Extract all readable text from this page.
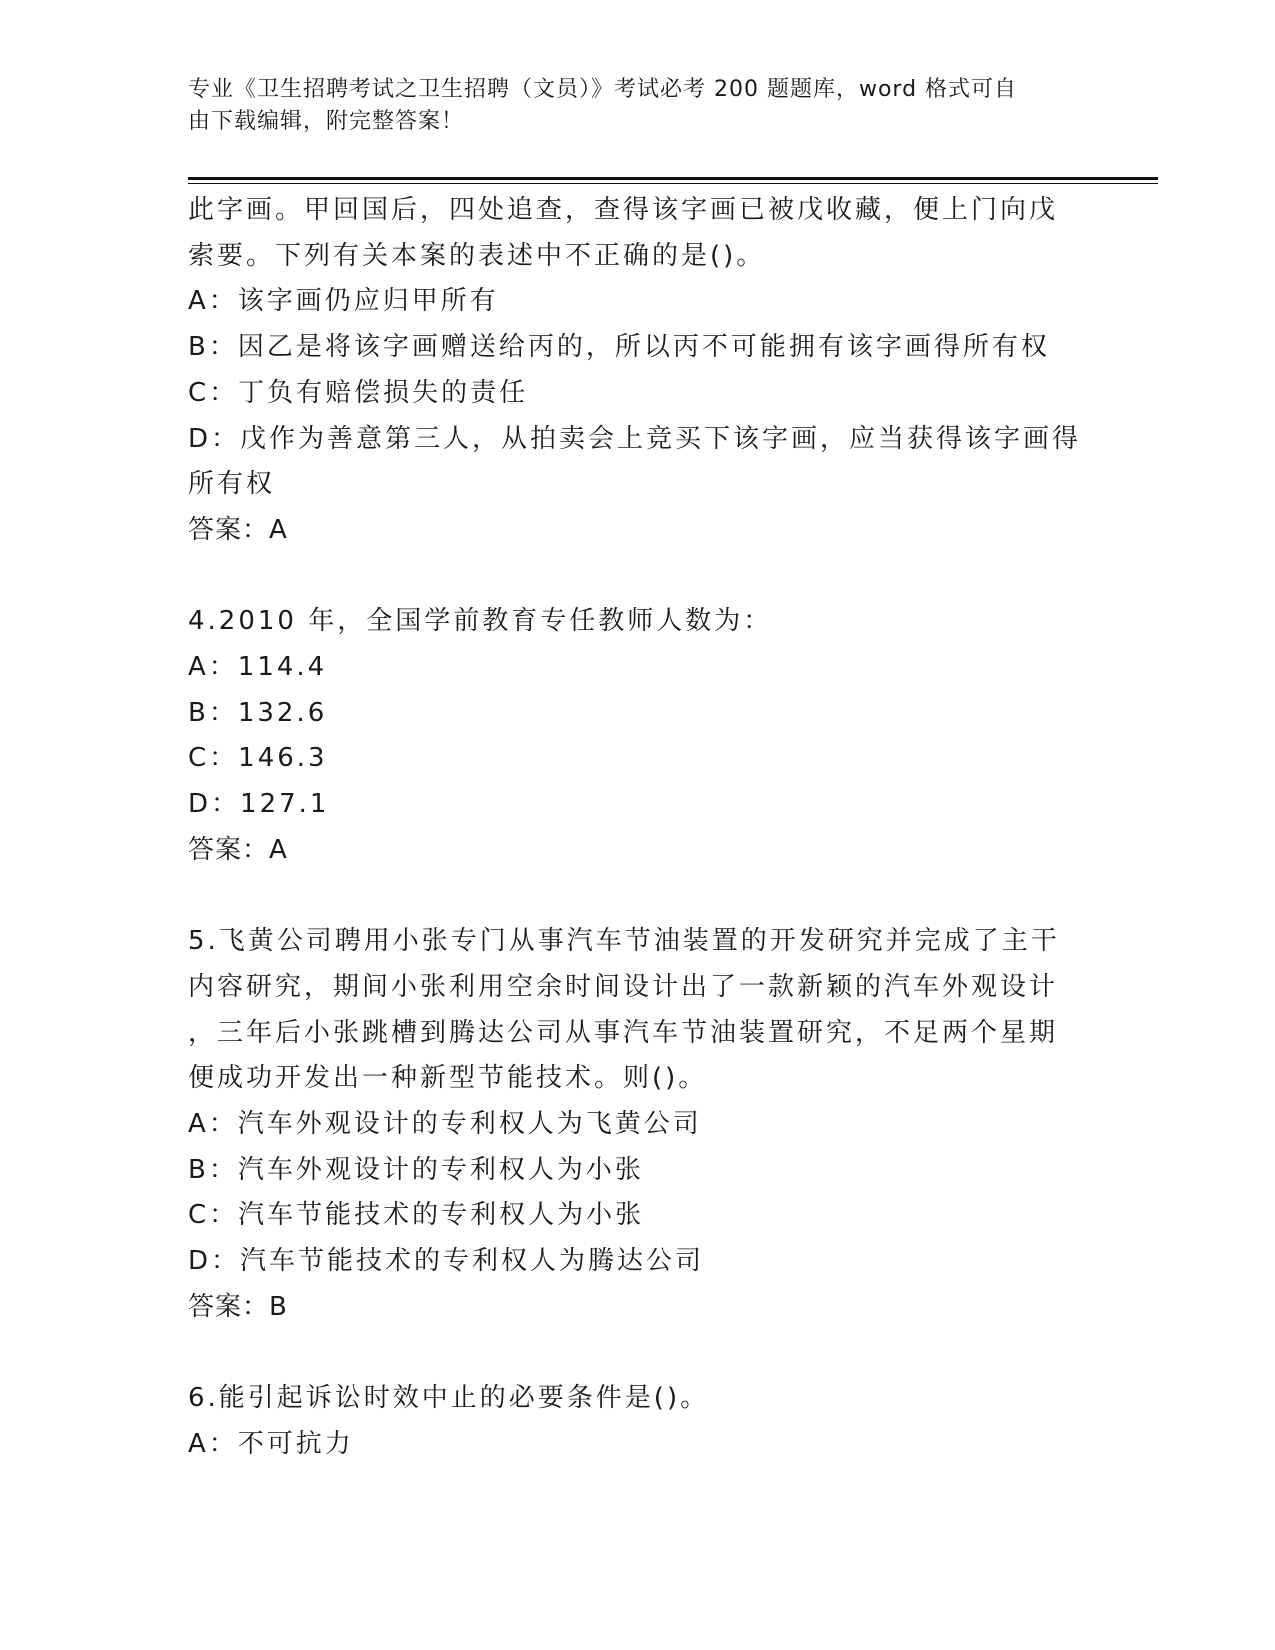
专业《卫生招聘考试之卫生招聘（文员）》考试必考 200 题题库，word 格式可自
由下载编辑，附完整答案！
此字画。甲回国后，四处追查，查得该字画已被戊收藏，便上门向戊
索要。下列有关本案的表述中不正确的是()。
A：该字画仍应归甲所有
B：因乙是将该字画赠送给丙的，所以丙不可能拥有该字画得所有权
C：丁负有赔偿损失的责任
D：戊作为善意第三人，从拍卖会上竞买下该字画，应当获得该字画得
所有权
答案：A
4.2010 年，全国学前教育专任教师人数为：
A：114.4
B：132.6
C：146.3
D：127.1
答案：A
5.飞黄公司聘用小张专门从事汽车节油装置的开发研究并完成了主干
内容研究，期间小张利用空余时间设计出了一款新颖的汽车外观设计
，三年后小张跳槽到腾达公司从事汽车节油装置研究，不足两个星期
便成功开发出一种新型节能技术。则()。
A：汽车外观设计的专利权人为飞黄公司
B：汽车外观设计的专利权人为小张
C：汽车节能技术的专利权人为小张
D：汽车节能技术的专利权人为腾达公司
答案：B
6.能引起诉讼时效中止的必要条件是()。
A：不可抗力
